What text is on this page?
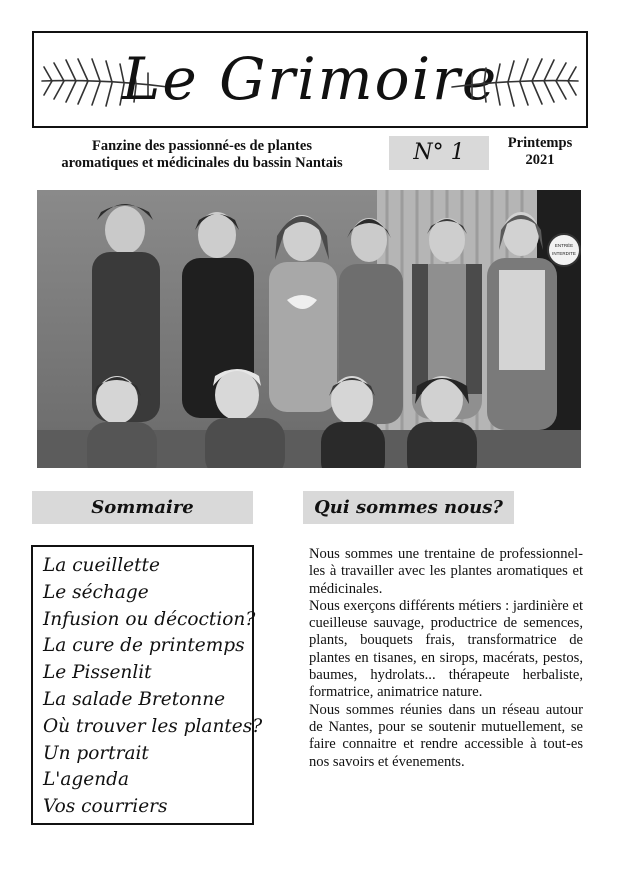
Le Grimoire
Fanzine des passionné-es de plantes
aromatiques et médicinales du bassin Nantais	N° 1	Printemps
2021
ENTRÉE
INTERDITE
Sommaire	Qui sommes nous?
La cueillette
Le séchage
Infusion ou décoction?
La cure de printemps
Le Pissenlit
La salade Bretonne
Où trouver les plantes?
Un portrait
L'agenda
Vos courriers

Nous sommes une trentaine de professionnel-les à travailler avec les plantes aromatiques et médicinales.

Nous exerçons différents métiers : jardinière et cueilleuse sauvage, productrice de semences, plants, bouquets frais, transformatrice de plantes en tisanes, en sirops, macérats, pestos, baumes, hydrolats... thérapeute herbaliste, formatrice, animatrice nature.

Nous sommes réunies dans un réseau autour de Nantes, pour se soutenir mutuellement, se faire connaitre et rendre accessible à tout-es nos savoirs et évenements.
